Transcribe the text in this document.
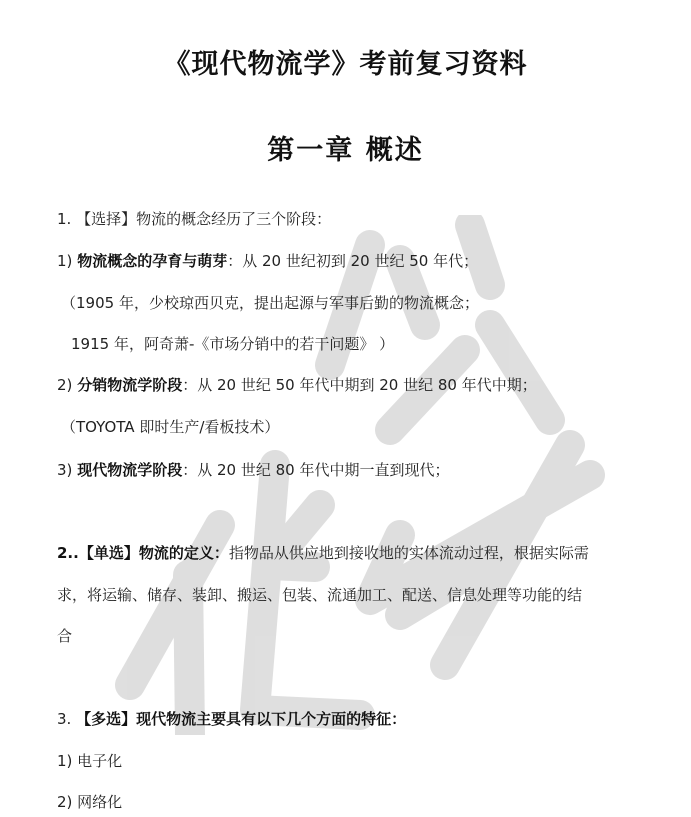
《现代物流学》考前复习资料
第一章 概述
1. 【选择】物流的概念经历了三个阶段：
1) 物流概念的孕育与萌芽：从 20 世纪初到 20 世纪 50 年代；
（1905 年，少校琼西贝克，提出起源与军事后勤的物流概念；
1915 年，阿奇萧-《市场分销中的若干问题》 ）
2) 分销物流学阶段：从 20 世纪 50 年代中期到 20 世纪 80 年代中期；
（TOYOTA 即时生产/看板技术）
3) 现代物流学阶段：从 20 世纪 80 年代中期一直到现代；
2..【单选】物流的定义：指物品从供应地到接收地的实体流动过程，根据实际需
求，将运输、储存、装卸、搬运、包装、流通加工、配送、信息处理等功能的结
合
3. 【多选】现代物流主要具有以下几个方面的特征：
1) 电子化
2) 网络化
